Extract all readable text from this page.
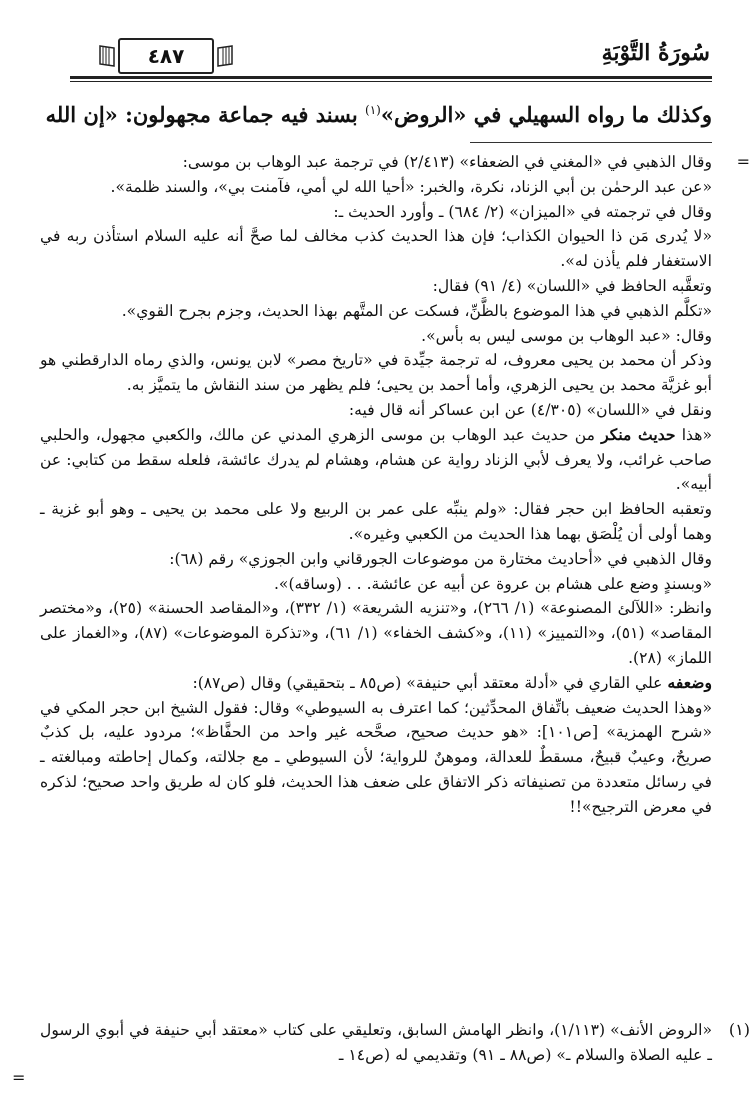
٤٨٧	سُورَةُ التَّوْبَةِ
وكذلك ما رواه السهيلي في «الروض»$^{(١)}$ بسند فيه جماعة مجهولون: «إن الله
=

وقال الذهبي في «المغني في الضعفاء» (٢/٤١٣) في ترجمة عبد الوهاب بن موسى:

«عن عبد الرحمٰن بن أبي الزناد، نكرة، والخبر: «أحيا الله لي أمي، فآمنت بي»، والسند ظلمة».

وقال في ترجمته في «الميزان» (٢/ ٦٨٤) ـ وأورد الحديث ـ:

«لا يُدرى مَن ذا الحيوان الكذاب؛ فإن هذا الحديث كذب مخالف لما صحَّ أنه عليه السلام استأذن ربه في الاستغفار فلم يأذن له».

وتعقَّبه الحافظ في «اللسان» (٤/ ٩١) فقال:

«تكلَّم الذهبي في هذا الموضوع بالظَّنِّ، فسكت عن المتَّهم بهذا الحديث، وجزم بجرح القوي».

وقال: «عبد الوهاب بن موسى ليس به بأس».

وذكر أن محمد بن يحيى معروف، له ترجمة جيِّدة في «تاريخ مصر» لابن يونس، والذي رماه الدارقطني هو أبو غزيَّة محمد بن يحيى الزهري، وأما أحمد بن يحيى؛ فلم يظهر من سند النقاش ما يتميَّز به.

ونقل في «اللسان» (٤/٣٠٥) عن ابن عساكر أنه قال فيه:

«هذا حديث منكر من حديث عبد الوهاب بن موسى الزهري المدني عن مالك، والكعبي مجهول، والحلبي صاحب غرائب، ولا يعرف لأبي الزناد رواية عن هشام، وهشام لم يدرك عائشة، فلعله سقط من كتابي: عن أبيه».

وتعقبه الحافظ ابن حجر فقال: «ولم ينبِّه على عمر بن الربيع ولا على محمد بن يحيى ـ وهو أبو غزية ـ وهما أولى أن يُلْصَق بهما هذا الحديث من الكعبي وغيره».

وقال الذهبي في «أحاديث مختارة من موضوعات الجورقاني وابن الجوزي» رقم (٦٨):

«وبسندٍ وضع على هشام بن عروة عن أبيه عن عائشة. . . (وساقه)».

وانظر: «اللآلئ المصنوعة» (١/ ٢٦٦)، و«تنزيه الشريعة» (١/ ٣٣٢)، و«المقاصد الحسنة» (٢٥)، و«مختصر المقاصد» (٥١)، و«التمييز» (١١)، و«كشف الخفاء» (١/ ٦١)، و«تذكرة الموضوعات» (٨٧)، و«الغماز على اللماز» (٢٨).

وضعفه علي القاري في «أدلة معتقد أبي حنيفة» (ص٨٥ ـ بتحقيقي) وقال (ص٨٧):

«وهذا الحديث ضعيف باتِّفاق المحدِّثين؛ كما اعترف به السيوطي» وقال: فقول الشيخ ابن حجر المكي في «شرح الهمزية» [ص١٠١]: «هو حديث صحيح، صحَّحه غير واحد من الحفَّاظ»؛ مردود عليه، بل كذبٌ صريحٌ، وعيبٌ قبيحٌ، مسقطٌ للعدالة، وموهنٌ للرواية؛ لأن السيوطي ـ مع جلالته، وكمال إحاطته ومبالغته ـ في رسائل متعددة من تصنيفاته ذكر الاتفاق على ضعف هذا الحديث، فلو كان له طريق واحد صحيح؛ لذكره في معرض الترجيح»!!

(١)

«الروض الأنف» (١/١١٣)، وانظر الهامش السابق، وتعليقي على كتاب «معتقد أبي حنيفة في أبوي الرسول ـ عليه الصلاة والسلام ـ» (ص٨٨ ـ ٩١) وتقديمي له (ص١٤ ـ

=
